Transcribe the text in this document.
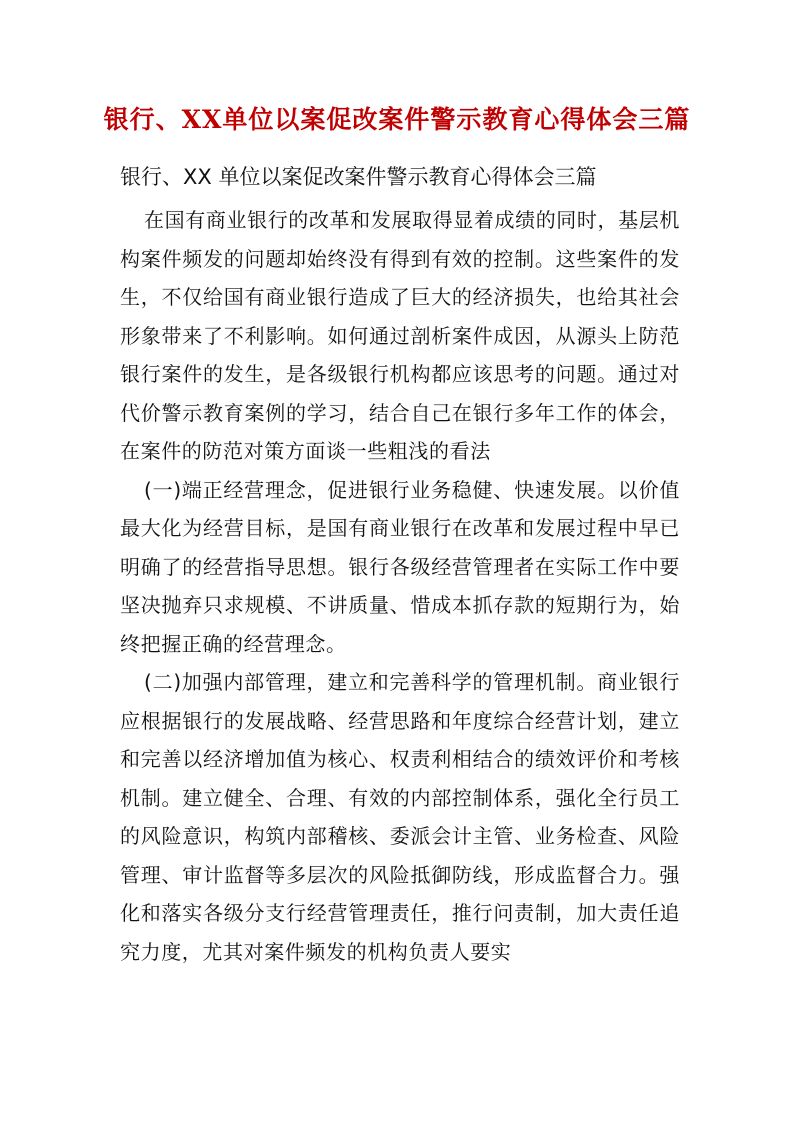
银行、XX单位以案促改案件警示教育心得体会三篇

银行、XX 单位以案促改案件警示教育心得体会三篇

在国有商业银行的改革和发展取得显着成绩的同时，基层机构案件频发的问题却始终没有得到有效的控制。这些案件的发生，不仅给国有商业银行造成了巨大的经济损失，也给其社会形象带来了不利影响。如何通过剖析案件成因，从源头上防范银行案件的发生，是各级银行机构都应该思考的问题。通过对代价警示教育案例的学习，结合自己在银行多年工作的体会，在案件的防范对策方面谈一些粗浅的看法

(一)端正经营理念，促进银行业务稳健、快速发展。以价值最大化为经营目标，是国有商业银行在改革和发展过程中早已明确了的经营指导思想。银行各级经营管理者在实际工作中要坚决抛弃只求规模、不讲质量、惜成本抓存款的短期行为，始终把握正确的经营理念。

(二)加强内部管理，建立和完善科学的管理机制。商业银行应根据银行的发展战略、经营思路和年度综合经营计划，建立和完善以经济增加值为核心、权责利相结合的绩效评价和考核机制。建立健全、合理、有效的内部控制体系，强化全行员工的风险意识，构筑内部稽核、委派会计主管、业务检查、风险管理、审计监督等多层次的风险抵御防线，形成监督合力。强化和落实各级分支行经营管理责任，推行问责制，加大责任追究力度，尤其对案件频发的机构负责人要实
